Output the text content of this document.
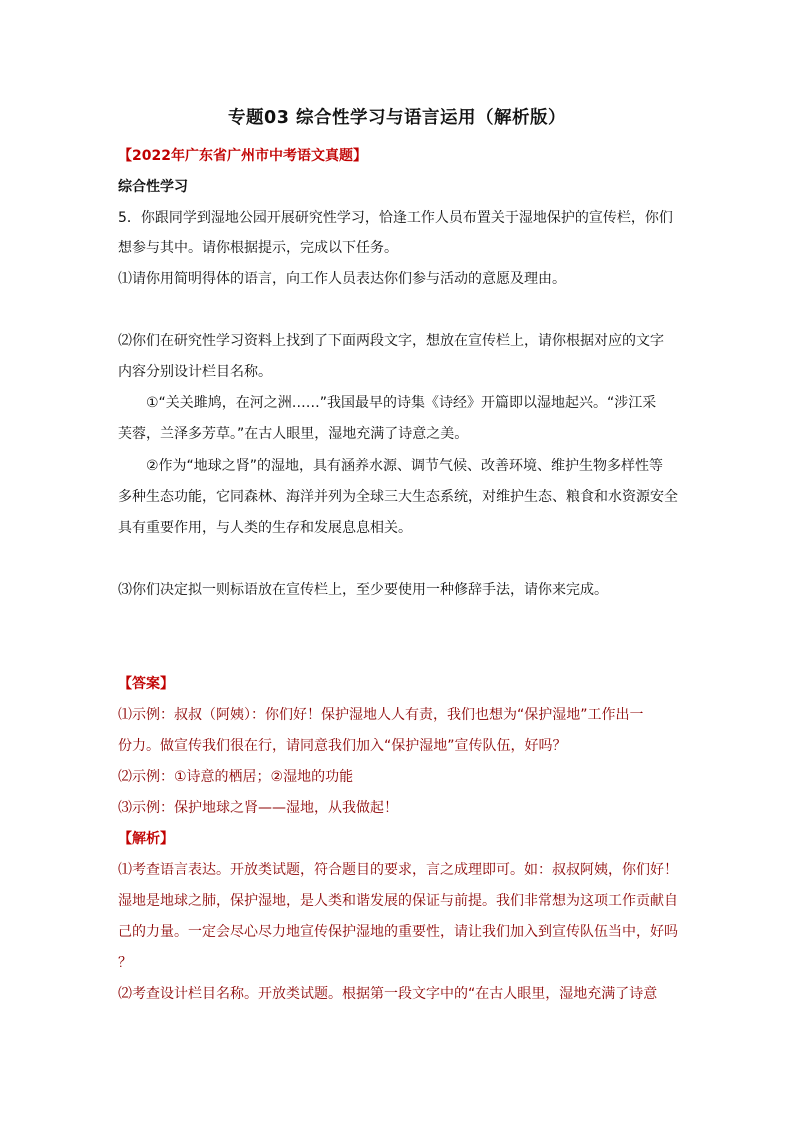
专题03 综合性学习与语言运用（解析版）
【2022年广东省广州市中考语文真题】
综合性学习
5．你跟同学到湿地公园开展研究性学习，恰逢工作人员布置关于湿地保护的宣传栏，你们
想参与其中。请你根据提示，完成以下任务。
⑴请你用简明得体的语言，向工作人员表达你们参与活动的意愿及理由。
⑵你们在研究性学习资料上找到了下面两段文字，想放在宣传栏上，请你根据对应的文字
内容分别设计栏目名称。
①“关关雎鸠，在河之洲……”我国最早的诗集《诗经》开篇即以湿地起兴。“涉江采
芙蓉，兰泽多芳草。”在古人眼里，湿地充满了诗意之美。
②作为“地球之肾”的湿地，具有涵养水源、调节气候、改善环境、维护生物多样性等
多种生态功能，它同森林、海洋并列为全球三大生态系统，对维护生态、粮食和水资源安全
具有重要作用，与人类的生存和发展息息相关。
⑶你们决定拟一则标语放在宣传栏上，至少要使用一种修辞手法，请你来完成。
【答案】
⑴示例：叔叔（阿姨）：你们好！保护湿地人人有责，我们也想为“保护湿地”工作出一
份力。做宣传我们很在行，请同意我们加入“保护湿地”宣传队伍，好吗？
⑵示例：①诗意的栖居；②湿地的功能
⑶示例：保护地球之肾——湿地，从我做起！
【解析】
⑴考查语言表达。开放类试题，符合题目的要求，言之成理即可。如：叔叔阿姨，你们好！
湿地是地球之肺，保护湿地，是人类和谐发展的保证与前提。我们非常想为这项工作贡献自
己的力量。一定会尽心尽力地宣传保护湿地的重要性，请让我们加入到宣传队伍当中，好吗
？
⑵考查设计栏目名称。开放类试题。根据第一段文字中的“在古人眼里，湿地充满了诗意
